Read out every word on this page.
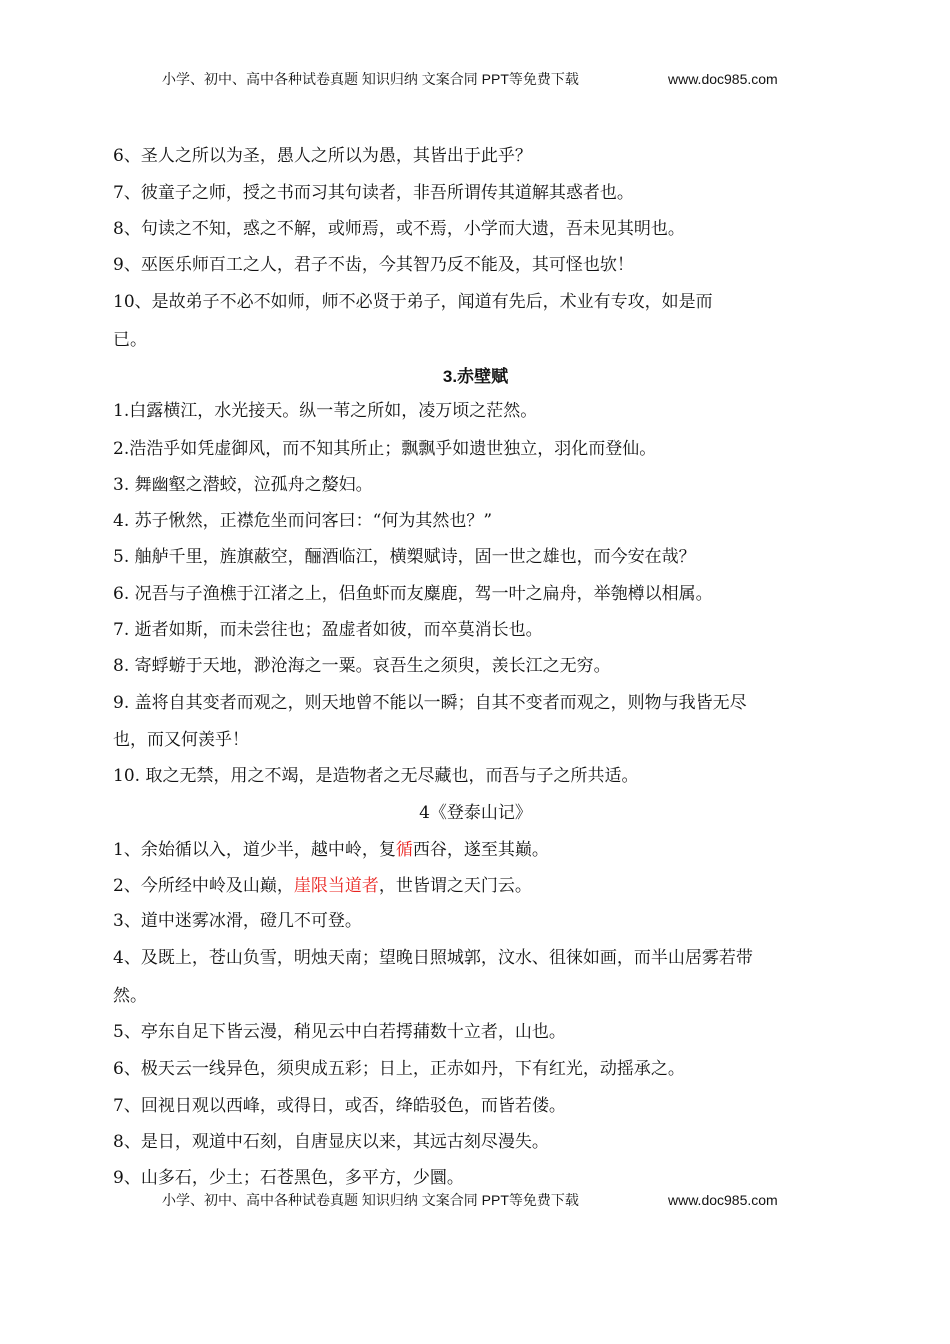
小学、初中、高中各种试卷真题 知识归纳 文案合同 PPT等免费下载	www.doc985.com
6、圣人之所以为圣，愚人之所以为愚，其皆出于此乎？
7、彼童子之师，授之书而习其句读者，非吾所谓传其道解其惑者也。
8、句读之不知，惑之不解，或师焉，或不焉，小学而大遗，吾未见其明也。
9、巫医乐师百工之人，君子不齿，今其智乃反不能及，其可怪也欤！
10、是故弟子不必不如师，师不必贤于弟子，闻道有先后，术业有专攻，如是而
已。
3.赤壁赋
1.白露横江，水光接天。纵一苇之所如，凌万顷之茫然。
2.浩浩乎如凭虚御风，而不知其所止；飘飘乎如遗世独立，羽化而登仙。
3. 舞幽壑之潜蛟，泣孤舟之嫠妇。
4. 苏子愀然，正襟危坐而问客曰：“何为其然也？”
5. 舳舻千里，旌旗蔽空，酾酒临江，横槊赋诗，固一世之雄也，而今安在哉？
6. 况吾与子渔樵于江渚之上，侣鱼虾而友麋鹿，驾一叶之扁舟，举匏樽以相属。
7. 逝者如斯，而未尝往也；盈虚者如彼，而卒莫消长也。
8. 寄蜉蝣于天地，渺沧海之一粟。哀吾生之须臾，羡长江之无穷。
9. 盖将自其变者而观之，则天地曾不能以一瞬；自其不变者而观之，则物与我皆无尽
也，而又何羡乎！
10. 取之无禁，用之不竭，是造物者之无尽藏也，而吾与子之所共适。
4《登泰山记》
1、余始循以入，道少半，越中岭，复循西谷，遂至其巅。
2、今所经中岭及山巅，崖限当道者，世皆谓之天门云。
3、道中迷雾冰滑，磴几不可登。
4、及既上，苍山负雪，明烛天南；望晚日照城郭，汶水、徂徕如画，而半山居雾若带
然。
5、亭东自足下皆云漫，稍见云中白若摴蒱数十立者，山也。
6、极天云一线异色，须臾成五彩；日上，正赤如丹，下有红光，动摇承之。
7、回视日观以西峰，或得日，或否，绛皓驳色，而皆若偻。
8、是日，观道中石刻，自唐显庆以来，其远古刻尽漫失。
9、山多石，少土；石苍黑色，多平方，少圜。
小学、初中、高中各种试卷真题 知识归纳 文案合同 PPT等免费下载	www.doc985.com
